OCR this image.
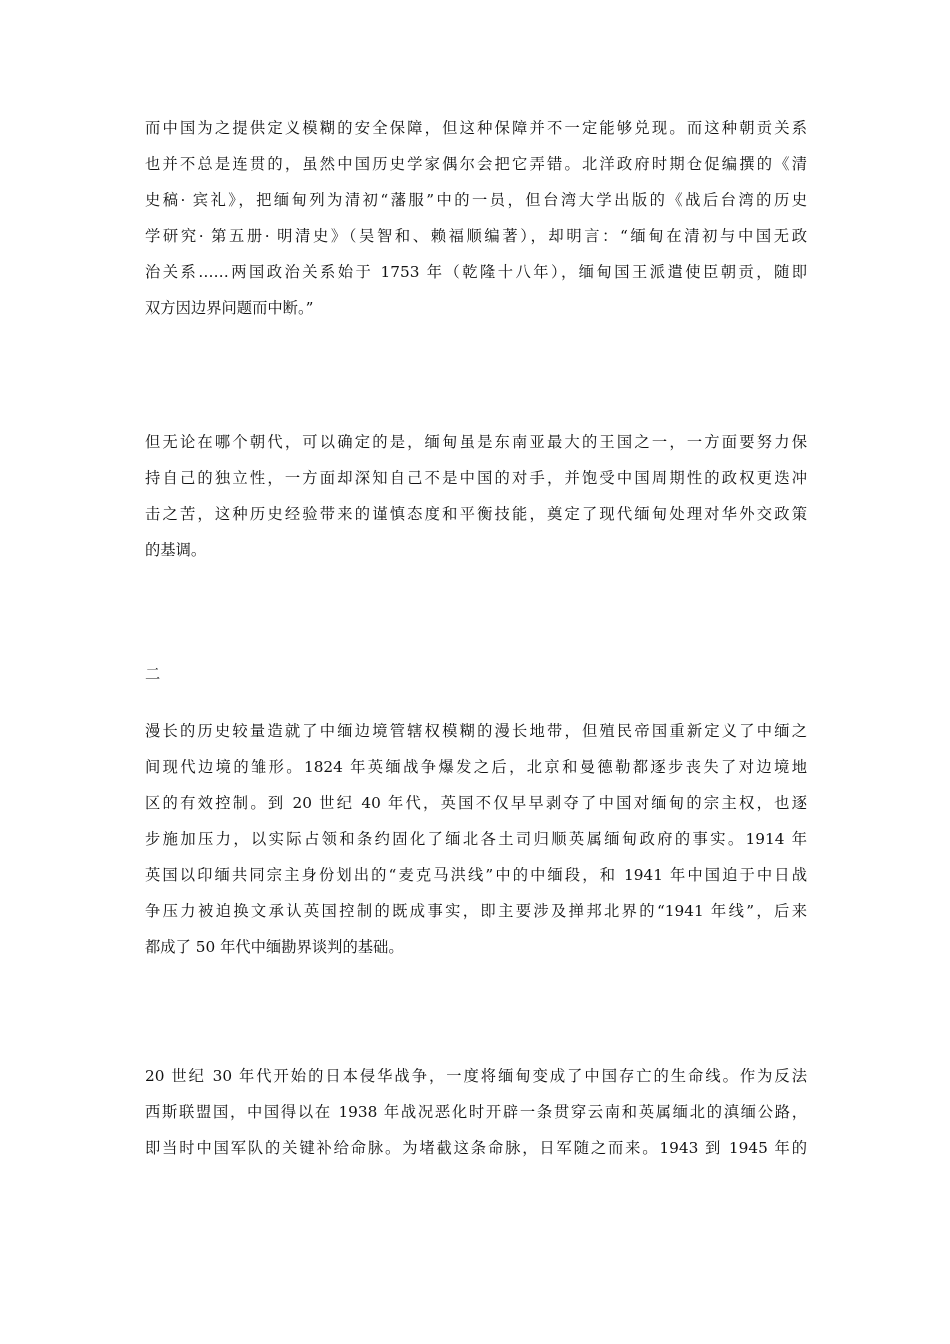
而中国为之提供定义模糊的安全保障，但这种保障并不一定能够兑现。而这种朝贡关系
也并不总是连贯的，虽然中国历史学家偶尔会把它弄错。北洋政府时期仓促编撰的《清
史稿· 宾礼》，把缅甸列为清初“藩服”中的一员，但台湾大学出版的《战后台湾的历史
学研究· 第五册· 明清史》（吴智和、赖福顺编著），却明言：“缅甸在清初与中国无政
治关系……两国政治关系始于 1753 年（乾隆十八年），缅甸国王派遣使臣朝贡，随即
双方因边界问题而中断。”
但无论在哪个朝代，可以确定的是，缅甸虽是东南亚最大的王国之一，一方面要努力保
持自己的独立性，一方面却深知自己不是中国的对手，并饱受中国周期性的政权更迭冲
击之苦，这种历史经验带来的谨慎态度和平衡技能，奠定了现代缅甸处理对华外交政策
的基调。
二
漫长的历史较量造就了中缅边境管辖权模糊的漫长地带，但殖民帝国重新定义了中缅之
间现代边境的雏形。1824 年英缅战争爆发之后，北京和曼德勒都逐步丧失了对边境地
区的有效控制。到 20 世纪 40 年代，英国不仅早早剥夺了中国对缅甸的宗主权，也逐
步施加压力，以实际占领和条约固化了缅北各土司归顺英属缅甸政府的事实。1914 年
英国以印缅共同宗主身份划出的“麦克马洪线”中的中缅段，和 1941 年中国迫于中日战
争压力被迫换文承认英国控制的既成事实，即主要涉及掸邦北界的“1941 年线”，后来
都成了 50 年代中缅勘界谈判的基础。
20 世纪 30 年代开始的日本侵华战争，一度将缅甸变成了中国存亡的生命线。作为反法
西斯联盟国，中国得以在 1938 年战况恶化时开辟一条贯穿云南和英属缅北的滇缅公路，
即当时中国军队的关键补给命脉。为堵截这条命脉，日军随之而来。1943 到 1945 年的
